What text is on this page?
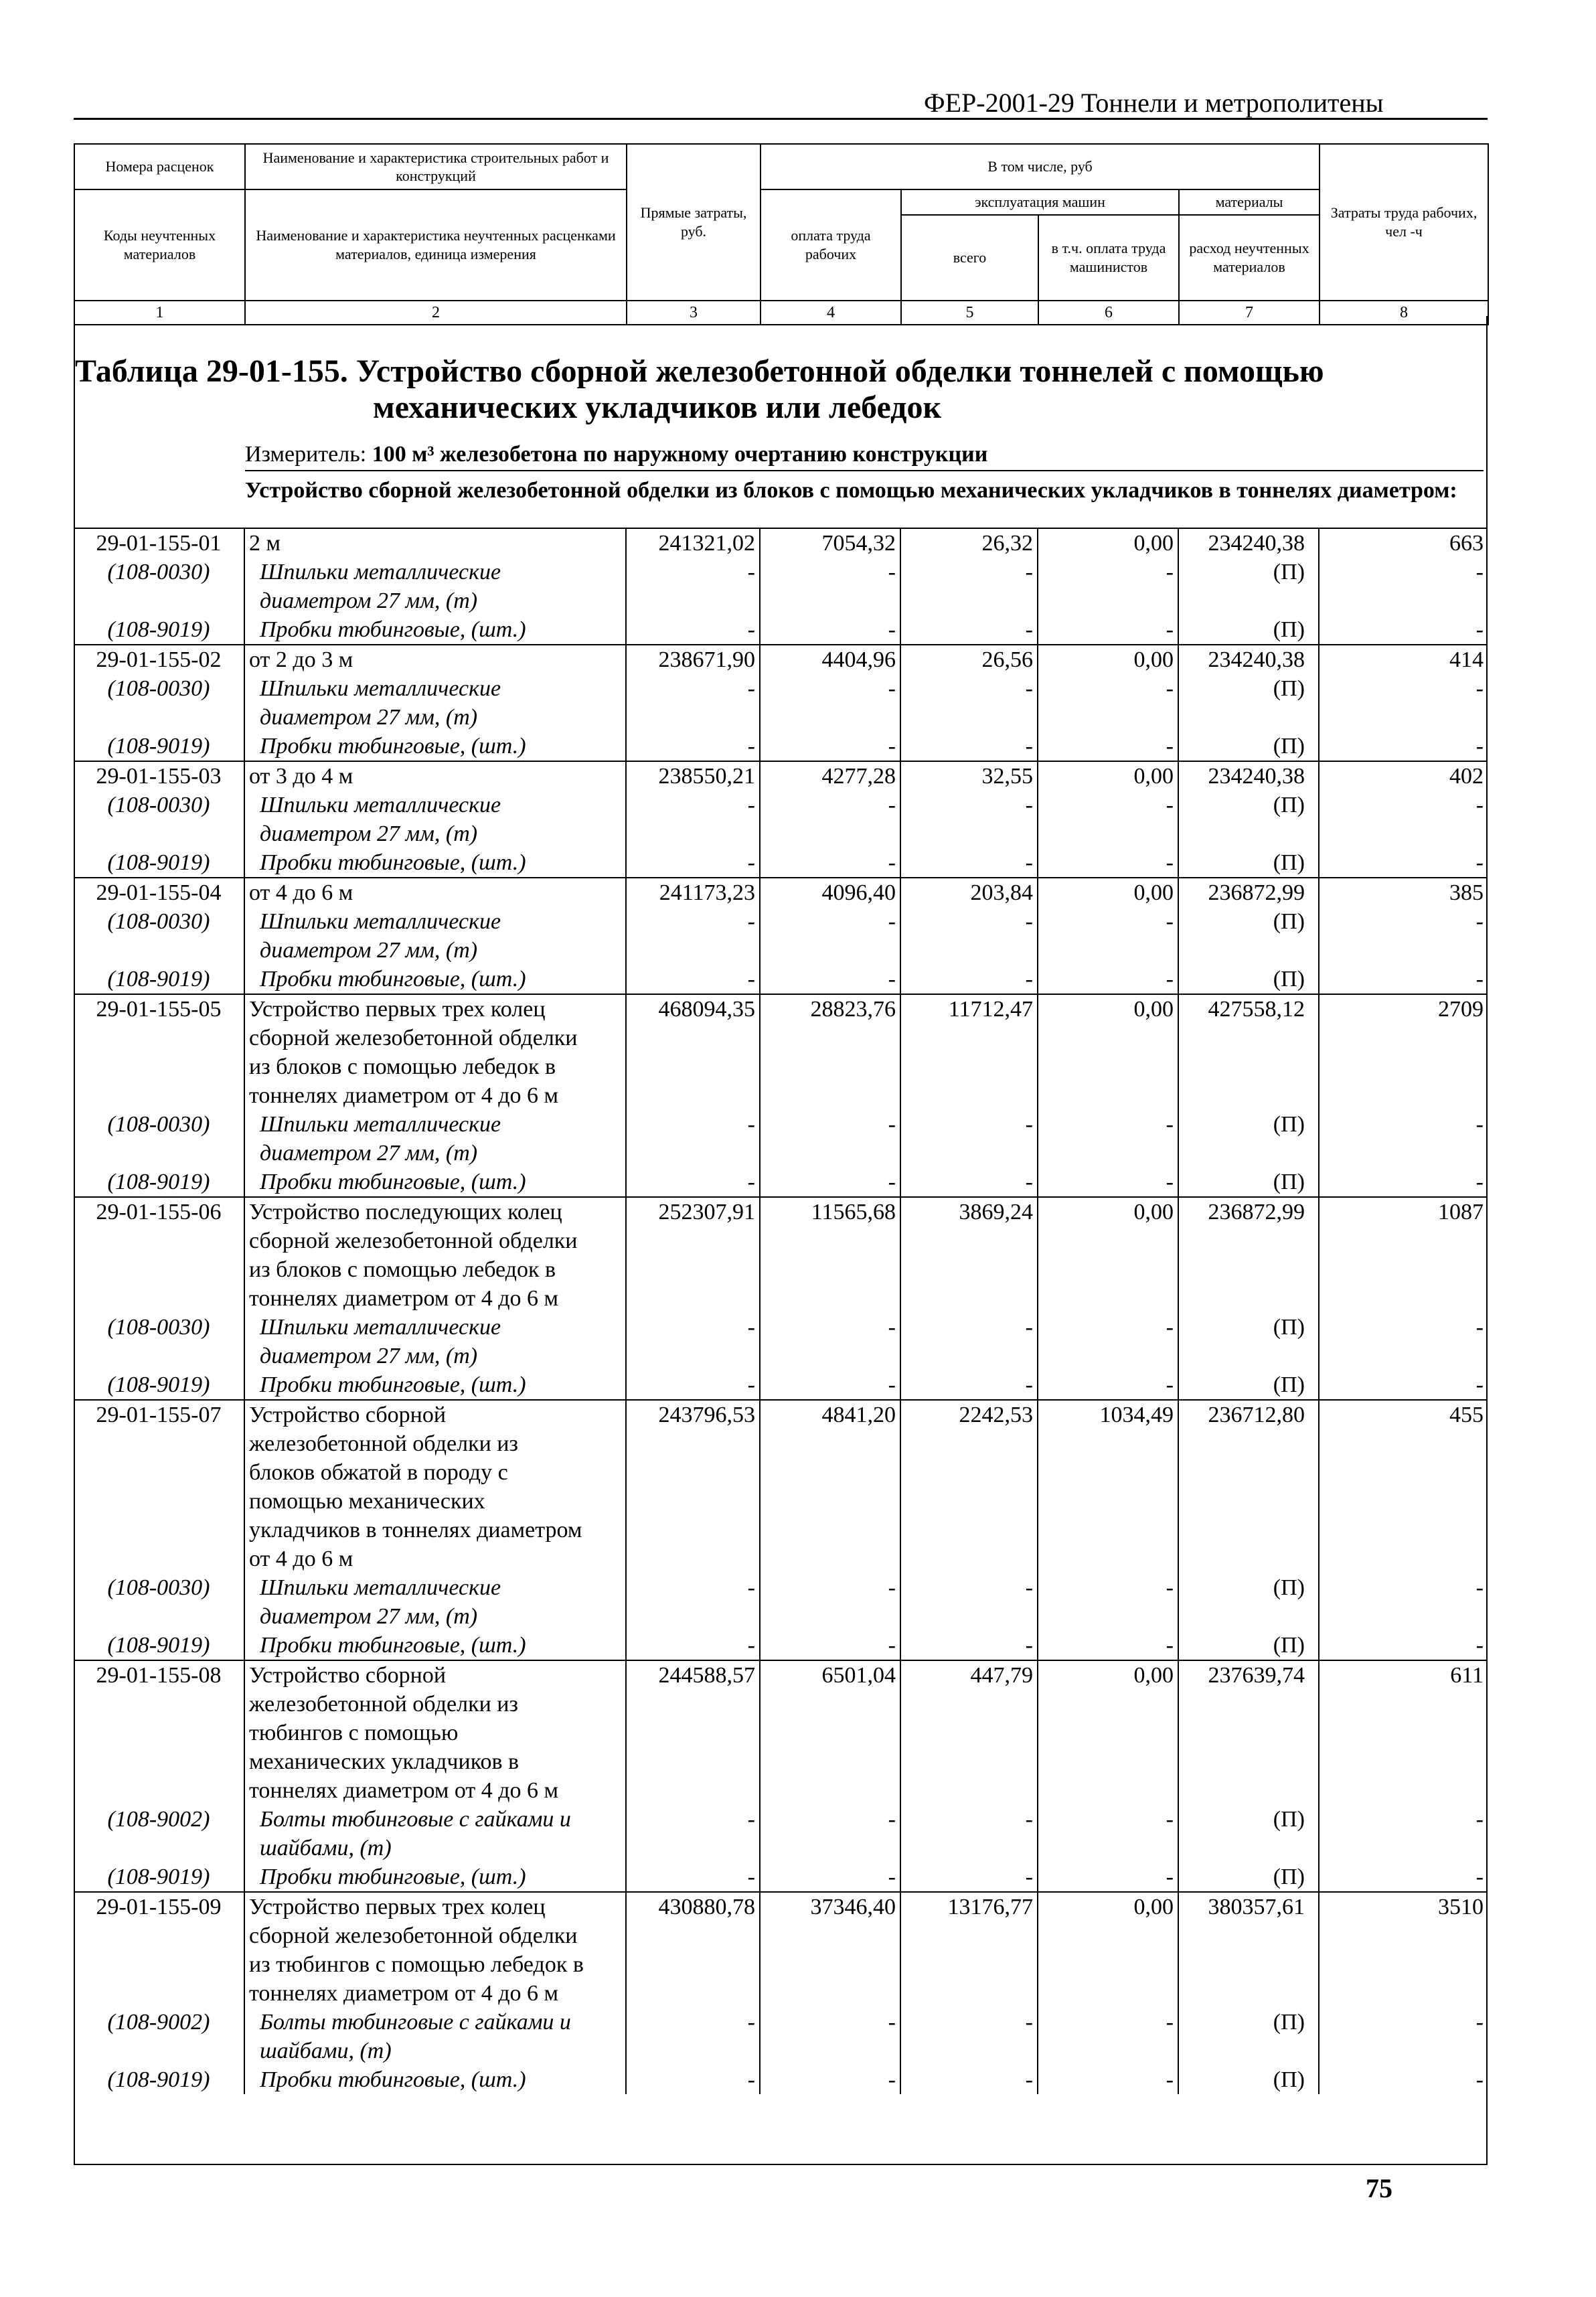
ФЕР-2001-29 Тоннели и метрополитены
Номера расценок	Наименование и характеристика строительных работ и конструкций	Прямые затраты, руб.	В том числе, руб				Затраты труда рабочих, чел -ч
Коды неучтенных материалов	Наименование и характеристика неучтенных расценками материалов, единица измерения		оплата труда рабочих	эксплуатация машин		материалы	
				всего	в т.ч. оплата труда машинистов	расход неучтенных материалов	
1	2	3	4	5	6	7	8
Таблица 29-01-155. Устройство сборной железобетонной обделки тоннелей с помощью
механических укладчиков или лебедок
Измеритель: 100 м³ железобетона по наружному очертанию конструкции
Устройство сборной железобетонной обделки из блоков с помощью механических укладчиков в тоннелях диаметром:
29-01-155-01	2 м	241321,02	7054,32	26,32	0,00	234240,38	663
(108-0030)	Шпильки металлические	-	-	-	-	(П)	-
	диаметром 27 мм, (т)						
(108-9019)	Пробки тюбинговые, (шт.)	-	-	-	-	(П)	-
29-01-155-02	от 2 до 3 м	238671,90	4404,96	26,56	0,00	234240,38	414
(108-0030)	Шпильки металлические	-	-	-	-	(П)	-
	диаметром 27 мм, (т)						
(108-9019)	Пробки тюбинговые, (шт.)	-	-	-	-	(П)	-
29-01-155-03	от 3 до 4 м	238550,21	4277,28	32,55	0,00	234240,38	402
(108-0030)	Шпильки металлические	-	-	-	-	(П)	-
	диаметром 27 мм, (т)						
(108-9019)	Пробки тюбинговые, (шт.)	-	-	-	-	(П)	-
29-01-155-04	от 4 до 6 м	241173,23	4096,40	203,84	0,00	236872,99	385
(108-0030)	Шпильки металлические	-	-	-	-	(П)	-
	диаметром 27 мм, (т)						
(108-9019)	Пробки тюбинговые, (шт.)	-	-	-	-	(П)	-
29-01-155-05	Устройство первых трех колец	468094,35	28823,76	11712,47	0,00	427558,12	2709
	сборной железобетонной обделки						
	из блоков с помощью лебедок в						
	тоннелях диаметром от 4 до 6 м						
(108-0030)	Шпильки металлические	-	-	-	-	(П)	-
	диаметром 27 мм, (т)						
(108-9019)	Пробки тюбинговые, (шт.)	-	-	-	-	(П)	-
29-01-155-06	Устройство последующих колец	252307,91	11565,68	3869,24	0,00	236872,99	1087
	сборной железобетонной обделки						
	из блоков с помощью лебедок в						
	тоннелях диаметром от 4 до 6 м						
(108-0030)	Шпильки металлические	-	-	-	-	(П)	-
	диаметром 27 мм, (т)						
(108-9019)	Пробки тюбинговые, (шт.)	-	-	-	-	(П)	-
29-01-155-07	Устройство сборной	243796,53	4841,20	2242,53	1034,49	236712,80	455
	железобетонной обделки из						
	блоков обжатой в породу с						
	помощью механических						
	укладчиков в тоннелях диаметром						
	от 4 до 6 м						
(108-0030)	Шпильки металлические	-	-	-	-	(П)	-
	диаметром 27 мм, (т)						
(108-9019)	Пробки тюбинговые, (шт.)	-	-	-	-	(П)	-
29-01-155-08	Устройство сборной	244588,57	6501,04	447,79	0,00	237639,74	611
	железобетонной обделки из						
	тюбингов с помощью						
	механических укладчиков в						
	тоннелях диаметром от 4 до 6 м						
(108-9002)	Болты тюбинговые с гайками и	-	-	-	-	(П)	-
	шайбами, (т)						
(108-9019)	Пробки тюбинговые, (шт.)	-	-	-	-	(П)	-
29-01-155-09	Устройство первых трех колец	430880,78	37346,40	13176,77	0,00	380357,61	3510
	сборной железобетонной обделки						
	из тюбингов с помощью лебедок в						
	тоннелях диаметром от 4 до 6 м						
(108-9002)	Болты тюбинговые с гайками и	-	-	-	-	(П)	-
	шайбами, (т)						
(108-9019)	Пробки тюбинговые, (шт.)	-	-	-	-	(П)	-
75
